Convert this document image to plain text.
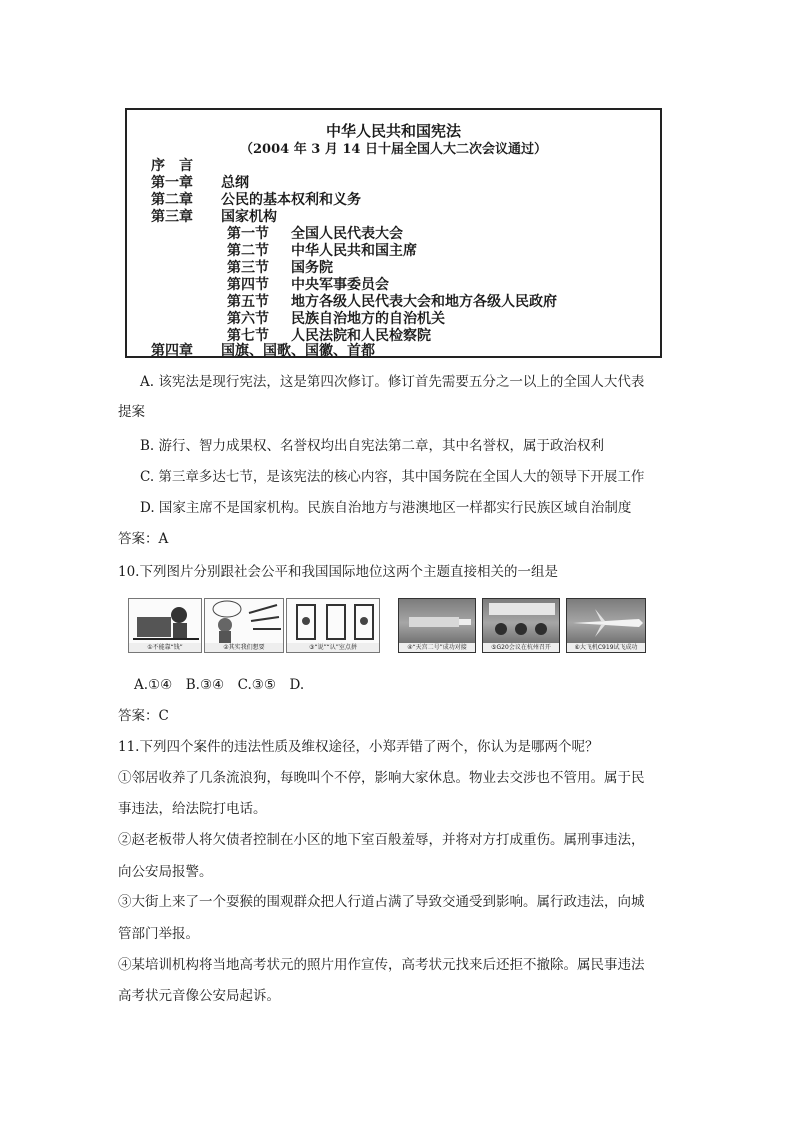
中华人民共和国宪法
（2004 年 3 月 14 日十届全国人大二次会议通过）
序　言
第一章 总纲
第二章 公民的基本权利和义务
第三章 国家机构
第一节 全国人民代表大会
第二节 中华人民共和国主席
第三节 国务院
第四节 中央军事委员会
第五节 地方各级人民代表大会和地方各级人民政府
第六节 民族自治地方的自治机关
第七节 人民法院和人民检察院
第四章 国旗、国歌、国徽、首都
A. 该宪法是现行宪法，这是第四次修订。修订首先需要五分之一以上的全国人大代表
提案
B. 游行、智力成果权、名誉权均出自宪法第二章，其中名誉权，属于政治权利
C. 第三章多达七节，是该宪法的核心内容，其中国务院在全国人大的领导下开展工作
D. 国家主席不是国家机构。民族自治地方与港澳地区一样都实行民族区域自治制度
答案：A
10.下列图片分别跟社会公平和我国国际地位这两个主题直接相关的一组是
①不能靠“钱”	②其实我们想要	③“说”“认”室点拼	④“天宫二号”成功对接	⑤G20会议在杭州召开	⑥大飞机C919试飞成功
A.①④　B.③④　C.③⑤　D.
答案：C
11.下列四个案件的违法性质及维权途径，小郑弄错了两个，你认为是哪两个呢？
①邻居收养了几条流浪狗，每晚叫个不停，影响大家休息。物业去交涉也不管用。属于民
事违法，给法院打电话。
②赵老板带人将欠债者控制在小区的地下室百般羞辱，并将对方打成重伤。属刑事违法，
向公安局报警。
③大街上来了一个耍猴的围观群众把人行道占满了导致交通受到影响。属行政违法，向城
管部门举报。
④某培训机构将当地高考状元的照片用作宣传，高考状元找来后还拒不撤除。属民事违法
高考状元音像公安局起诉。
